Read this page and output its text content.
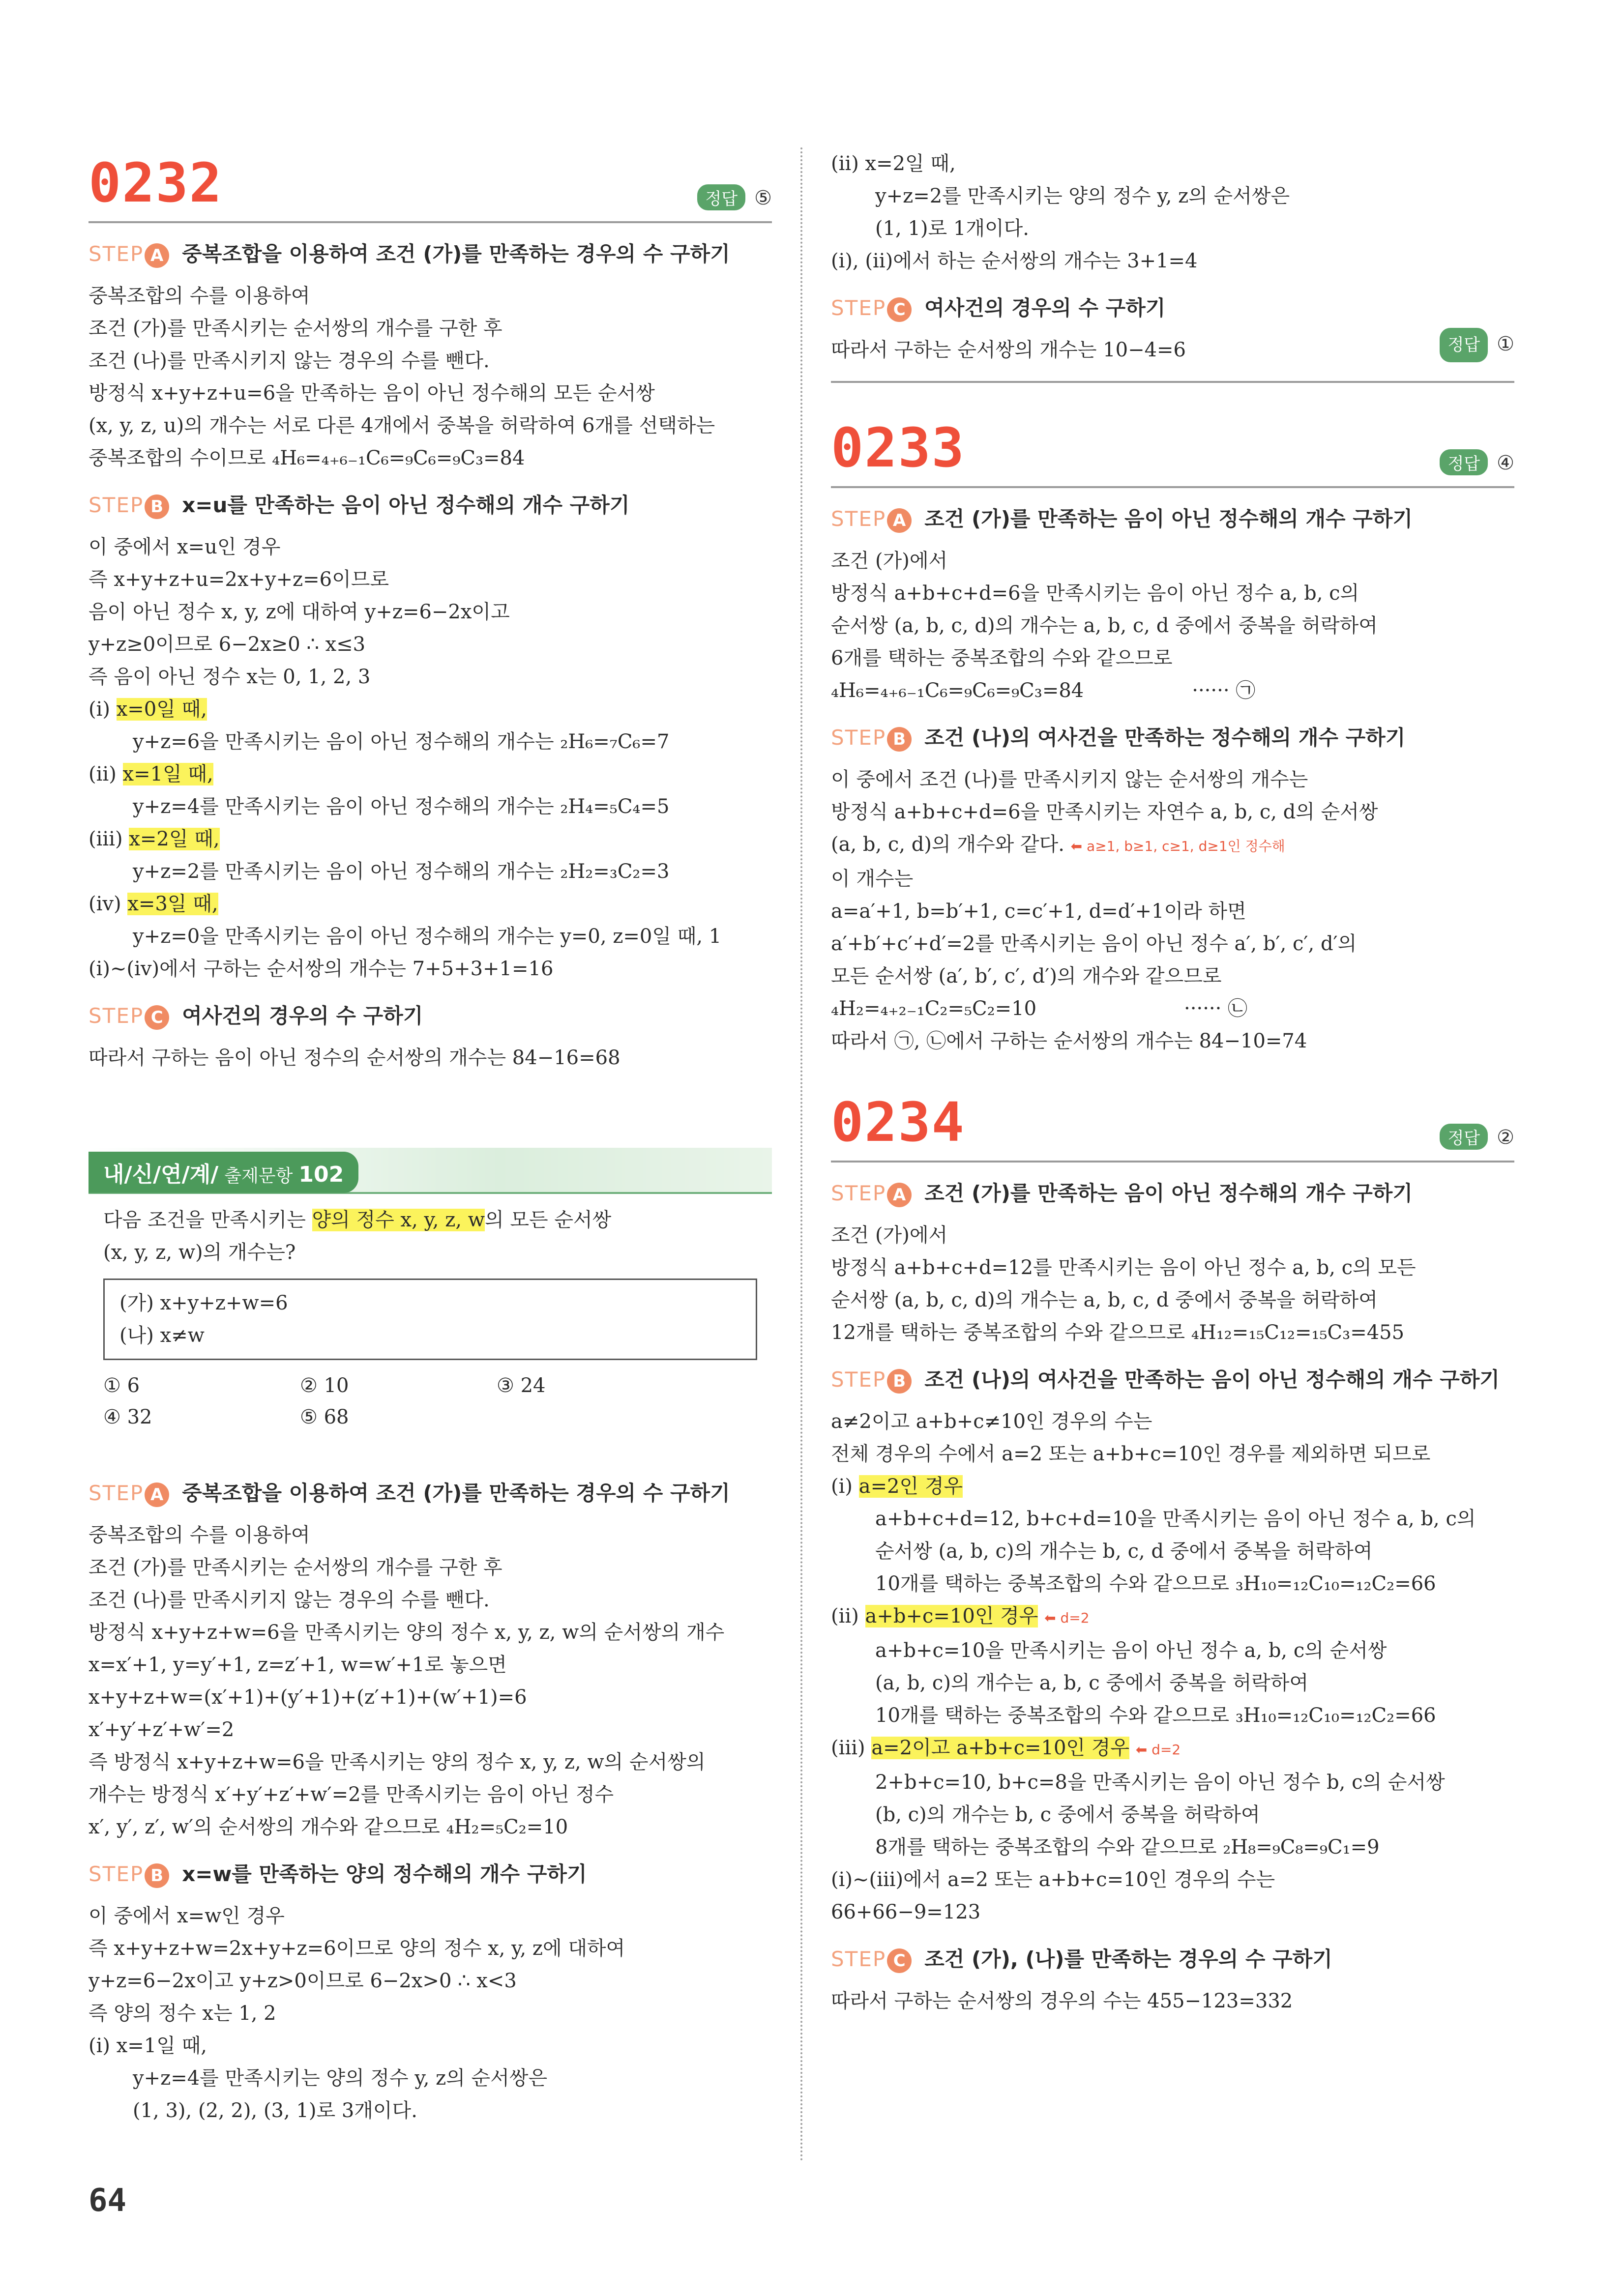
0232	정답 ⑤
STEP A 중복조합을 이용하여 조건 (가)를 만족하는 경우의 수 구하기
중복조합의 수를 이용하여
조건 (가)를 만족시키는 순서쌍의 개수를 구한 후
조건 (나)를 만족시키지 않는 경우의 수를 뺀다.
방정식 x+y+z+u=6을 만족하는 음이 아닌 정수해의 모든 순서쌍
(x, y, z, u)의 개수는 서로 다른 4개에서 중복을 허락하여 6개를 선택하는
중복조합의 수이므로 ₄H₆=₄₊₆₋₁C₆=₉C₆=₉C₃=84
STEP B x=u를 만족하는 음이 아닌 정수해의 개수 구하기
이 중에서 x=u인 경우
즉 x+y+z+u=2x+y+z=6이므로
음이 아닌 정수 x, y, z에 대하여 y+z=6−2x이고
y+z≥0이므로 6−2x≥0 ∴ x≤3
즉 음이 아닌 정수 x는 0, 1, 2, 3
(ⅰ) x=0일 때,
y+z=6을 만족시키는 음이 아닌 정수해의 개수는 ₂H₆=₇C₆=7
(ⅱ) x=1일 때,
y+z=4를 만족시키는 음이 아닌 정수해의 개수는 ₂H₄=₅C₄=5
(ⅲ) x=2일 때,
y+z=2를 만족시키는 음이 아닌 정수해의 개수는 ₂H₂=₃C₂=3
(ⅳ) x=3일 때,
y+z=0을 만족시키는 음이 아닌 정수해의 개수는 y=0, z=0일 때, 1
(ⅰ)~(ⅳ)에서 구하는 순서쌍의 개수는 7+5+3+1=16
STEP C 여사건의 경우의 수 구하기
따라서 구하는 음이 아닌 정수의 순서쌍의 개수는 84−16=68
내/신/연/계/ 출제문항 102
다음 조건을 만족시키는 양의 정수 x, y, z, w의 모든 순서쌍
(x, y, z, w)의 개수는?
(가) x+y+z+w=6
(나) x≠w
① 6	② 10	③ 24
④ 32	⑤ 68
STEP A 중복조합을 이용하여 조건 (가)를 만족하는 경우의 수 구하기
중복조합의 수를 이용하여
조건 (가)를 만족시키는 순서쌍의 개수를 구한 후
조건 (나)를 만족시키지 않는 경우의 수를 뺀다.
방정식 x+y+z+w=6을 만족시키는 양의 정수 x, y, z, w의 순서쌍의 개수
x=x′+1, y=y′+1, z=z′+1, w=w′+1로 놓으면
x+y+z+w=(x′+1)+(y′+1)+(z′+1)+(w′+1)=6
x′+y′+z′+w′=2
즉 방정식 x+y+z+w=6을 만족시키는 양의 정수 x, y, z, w의 순서쌍의
개수는 방정식 x′+y′+z′+w′=2를 만족시키는 음이 아닌 정수
x′, y′, z′, w′의 순서쌍의 개수와 같으므로 ₄H₂=₅C₂=10
STEP B x=w를 만족하는 양의 정수해의 개수 구하기
이 중에서 x=w인 경우
즉 x+y+z+w=2x+y+z=6이므로 양의 정수 x, y, z에 대하여
y+z=6−2x이고 y+z>0이므로 6−2x>0 ∴ x<3
즉 양의 정수 x는 1, 2
(ⅰ) x=1일 때,
y+z=4를 만족시키는 양의 정수 y, z의 순서쌍은
(1, 3), (2, 2), (3, 1)로 3개이다.
(ⅱ) x=2일 때,
y+z=2를 만족시키는 양의 정수 y, z의 순서쌍은
(1, 1)로 1개이다.
(ⅰ), (ⅱ)에서 하는 순서쌍의 개수는 3+1=4
STEP C 여사건의 경우의 수 구하기
따라서 구하는 순서쌍의 개수는 10−4=6	정답 ①
0233	정답 ④
STEP A 조건 (가)를 만족하는 음이 아닌 정수해의 개수 구하기
조건 (가)에서
방정식 a+b+c+d=6을 만족시키는 음이 아닌 정수 a, b, c의
순서쌍 (a, b, c, d)의 개수는 a, b, c, d 중에서 중복을 허락하여
6개를 택하는 중복조합의 수와 같으므로
₄H₆=₄₊₆₋₁C₆=₉C₆=₉C₃=84	······ ㉠
STEP B 조건 (나)의 여사건을 만족하는 정수해의 개수 구하기
이 중에서 조건 (나)를 만족시키지 않는 순서쌍의 개수는
방정식 a+b+c+d=6을 만족시키는 자연수 a, b, c, d의 순서쌍
(a, b, c, d)의 개수와 같다. ⬅ a≥1, b≥1, c≥1, d≥1인 정수해
이 개수는
a=a′+1, b=b′+1, c=c′+1, d=d′+1이라 하면
a′+b′+c′+d′=2를 만족시키는 음이 아닌 정수 a′, b′, c′, d′의
모든 순서쌍 (a′, b′, c′, d′)의 개수와 같으므로
₄H₂=₄₊₂₋₁C₂=₅C₂=10	······ ㉡
따라서 ㉠, ㉡에서 구하는 순서쌍의 개수는 84−10=74
0234	정답 ②
STEP A 조건 (가)를 만족하는 음이 아닌 정수해의 개수 구하기
조건 (가)에서
방정식 a+b+c+d=12를 만족시키는 음이 아닌 정수 a, b, c의 모든
순서쌍 (a, b, c, d)의 개수는 a, b, c, d 중에서 중복을 허락하여
12개를 택하는 중복조합의 수와 같으므로 ₄H₁₂=₁₅C₁₂=₁₅C₃=455
STEP B 조건 (나)의 여사건을 만족하는 음이 아닌 정수해의 개수 구하기
a≠2이고 a+b+c≠10인 경우의 수는
전체 경우의 수에서 a=2 또는 a+b+c=10인 경우를 제외하면 되므로
(ⅰ) a=2인 경우
a+b+c+d=12, b+c+d=10을 만족시키는 음이 아닌 정수 a, b, c의
순서쌍 (a, b, c)의 개수는 b, c, d 중에서 중복을 허락하여
10개를 택하는 중복조합의 수와 같으므로 ₃H₁₀=₁₂C₁₀=₁₂C₂=66
(ⅱ) a+b+c=10인 경우 ⬅ d=2
a+b+c=10을 만족시키는 음이 아닌 정수 a, b, c의 순서쌍
(a, b, c)의 개수는 a, b, c 중에서 중복을 허락하여
10개를 택하는 중복조합의 수와 같으므로 ₃H₁₀=₁₂C₁₀=₁₂C₂=66
(ⅲ) a=2이고 a+b+c=10인 경우 ⬅ d=2
2+b+c=10, b+c=8을 만족시키는 음이 아닌 정수 b, c의 순서쌍
(b, c)의 개수는 b, c 중에서 중복을 허락하여
8개를 택하는 중복조합의 수와 같으므로 ₂H₈=₉C₈=₉C₁=9
(ⅰ)~(ⅲ)에서 a=2 또는 a+b+c=10인 경우의 수는
66+66−9=123
STEP C 조건 (가), (나)를 만족하는 경우의 수 구하기
따라서 구하는 순서쌍의 경우의 수는 455−123=332
64
